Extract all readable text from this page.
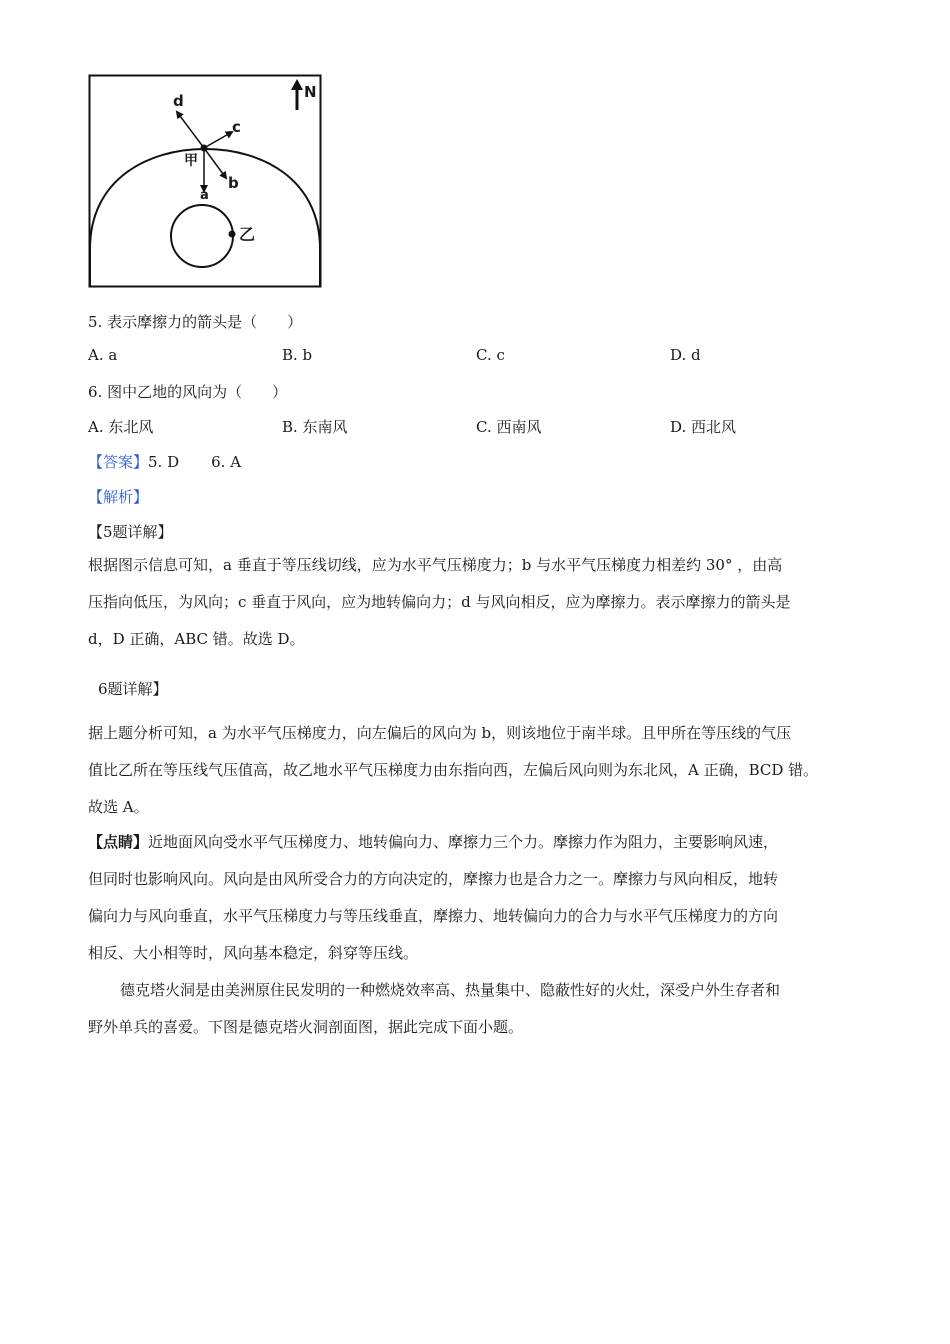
N
a
b
c
d
甲
乙
5. 表示摩擦力的箭头是（　　）
A. a	B. b	C. c	D. d
6. 图中乙地的风向为（　　）
A. 东北风	B. 东南风	C. 西南风	D. 西北风
【答案】5. D 6. A
【解析】
【5题详解】
根据图示信息可知，a 垂直于等压线切线，应为水平气压梯度力；b 与水平气压梯度力相差约 30° ，由高
压指向低压，为风向；c 垂直于风向，应为地转偏向力；d 与风向相反，应为摩擦力。表示摩擦力的箭头是
d，D 正确，ABC 错。故选 D。
6题详解】
据上题分析可知，a 为水平气压梯度力，向左偏后的风向为 b，则该地位于南半球。且甲所在等压线的气压
值比乙所在等压线气压值高，故乙地水平气压梯度力由东指向西，左偏后风向则为东北风，A 正确，BCD 错。
故选 A。
【点睛】近地面风向受水平气压梯度力、地转偏向力、摩擦力三个力。摩擦力作为阻力，主要影响风速，
但同时也影响风向。风向是由风所受合力的方向决定的，摩擦力也是合力之一。摩擦力与风向相反，地转
偏向力与风向垂直，水平气压梯度力与等压线垂直，摩擦力、地转偏向力的合力与水平气压梯度力的方向
相反、大小相等时，风向基本稳定，斜穿等压线。
德克塔火洞是由美洲原住民发明的一种燃烧效率高、热量集中、隐蔽性好的火灶，深受户外生存者和
野外单兵的喜爱。下图是德克塔火洞剖面图，据此完成下面小题。
